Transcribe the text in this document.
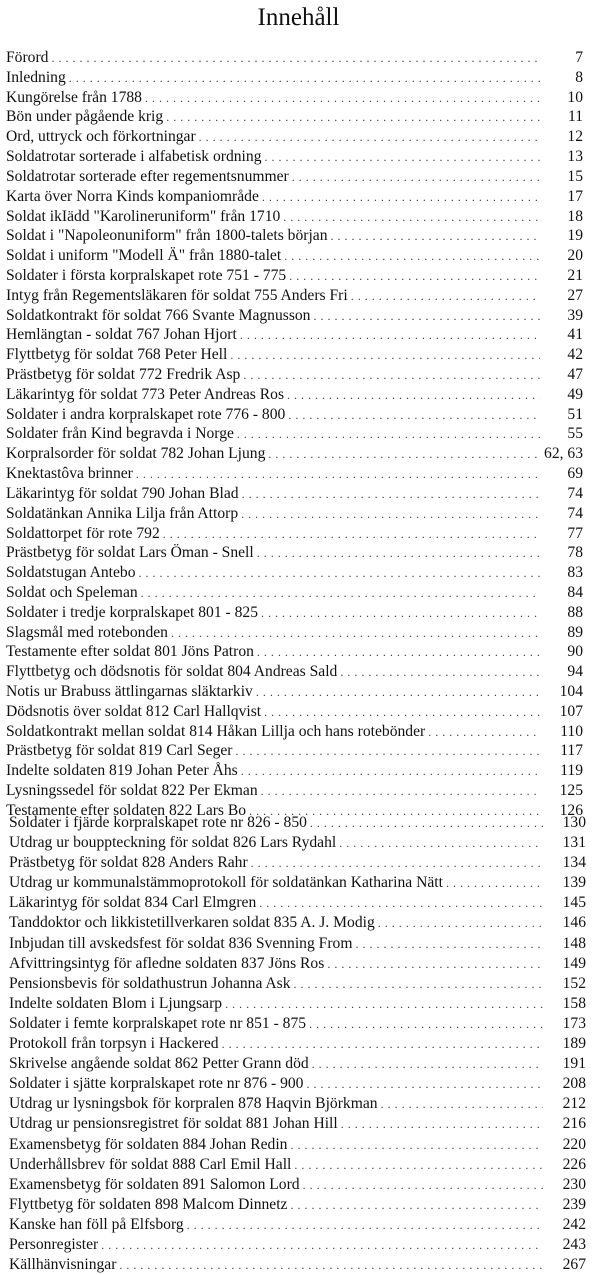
Innehåll
Förord . . .	7
Inledning . . .	8
Kungörelse från 1788 . . .	10
Bön under pågående krig . . .	11
Ord, uttryck och förkortningar . . .	12
Soldatrotar sorterade i alfabetisk ordning . . .	13
Soldatrotar sorterade efter regementsnummer . . .	15
Karta över Norra Kinds kompaniområde . . .	17
Soldat ikIädd "Karolineruniform" från 1710 . . .	18
Soldat i "Napoleonuniform" från 1800-talets början . . .	19
Soldat i uniform "Modell Ä" från 1880-talet . . .	20
Soldater i första korpralskapet rote 751 - 775 . . .	21
Intyg från Regementsläkaren för soldat 755 Anders Fri . . .	27
Soldatkontrakt för soldat 766 Svante Magnusson . . .	39
Hemlängtan - soldat 767 Johan Hjort . . .	41
Flyttbetyg för soldat 768 Peter Hell . . .	42
Prästbetyg för soldat 772 Fredrik Asp . . .	47
Läkarintyg för soldat 773 Peter Andreas Ros . . .	49
Soldater i andra korpralskapet rote 776 - 800 . . .	51
Soldater från Kind begravda i Norge . . .	55
Korpralsorder för soldat 782 Johan Ljung . . .	62, 63
Knektastôva brinner . . .	69
Läkarintyg för soldat 790 Johan Blad . . .	74
Soldatänkan Annika Lilja från Attorp . . .	74
Soldattorpet för rote 792 . . .	77
Prästbetyg för soldat Lars Öman - Snell . . .	78
Soldatstugan Antebo . . .	83
Soldat och Speleman . . .	84
Soldater i tredje korpralskapet 801 - 825 . . .	88
Slagsmål med rotebonden . . .	89
Testamente efter soldat 801 Jöns Patron . . .	90
Flyttbetyg och dödsnotis för soldat 804 Andreas Sald . . .	94
Notis ur Brabuss ättlingarnas släktarkiv . . .	104
Dödsnotis över soldat 812 Carl Hallqvist . . .	107
Soldatkontrakt mellan soldat 814 Håkan Lillja och hans rotebönder . . .	110
Prästbetyg för soldat 819 Carl Seger . . .	117
Indelte soldaten 819 Johan Peter Åhs . . .	119
Lysningssedel för soldat 822 Per Ekman . . .	125
Testamente efter soldaten 822 Lars Bo . . .	126
Soldater i fjärde korpralskapet rote nr 826 - 850 . . .	130
Utdrag ur bouppteckning för soldat 826 Lars Rydahl . . .	131
Prästbetyg för soldat 828 Anders Rahr . . .	134
Utdrag ur kommunalstämmoprotokoll för soldatänkan Katharina Nätt . . .	139
Läkarintyg för soldat 834 Carl Elmgren . . .	145
Tanddoktor och likkistetillverkaren soldat 835 A. J. Modig . . .	146
Inbjudan till avskedsfest för soldat 836 Svenning From . . .	148
Afvittringsintyg för afledne soldaten 837 Jöns Ros . . .	149
Pensionsbevis för soldathustrun Johanna Ask . . .	152
Indelte soldaten Blom i Ljungsarp . . .	158
Soldater i femte korpralskapet rote nr 851 - 875 . . .	173
Protokoll från torpsyn i Hackered . . .	189
Skrivelse angående soldat 862 Petter Grann död . . .	191
Soldater i sjätte korpralskapet rote nr 876 - 900 . . .	208
Utdrag ur lysningsbok för korpralen 878 Haqvin Björkman . . .	212
Utdrag ur pensionsregistret för soldat 881 Johan Hill . . .	216
Examensbetyg för soldaten 884 Johan Redin . . .	220
Underhållsbrev för soldat 888 Carl Emil Hall . . .	226
Examensbetyg för soldaten 891 Salomon Lord . . .	230
Flyttbetyg för soldaten 898 Malcom Dinnetz . . .	239
Kanske han föll på Elfsborg . . .	242
Personregister . . .	243
Källhänvisningar . . .	267
